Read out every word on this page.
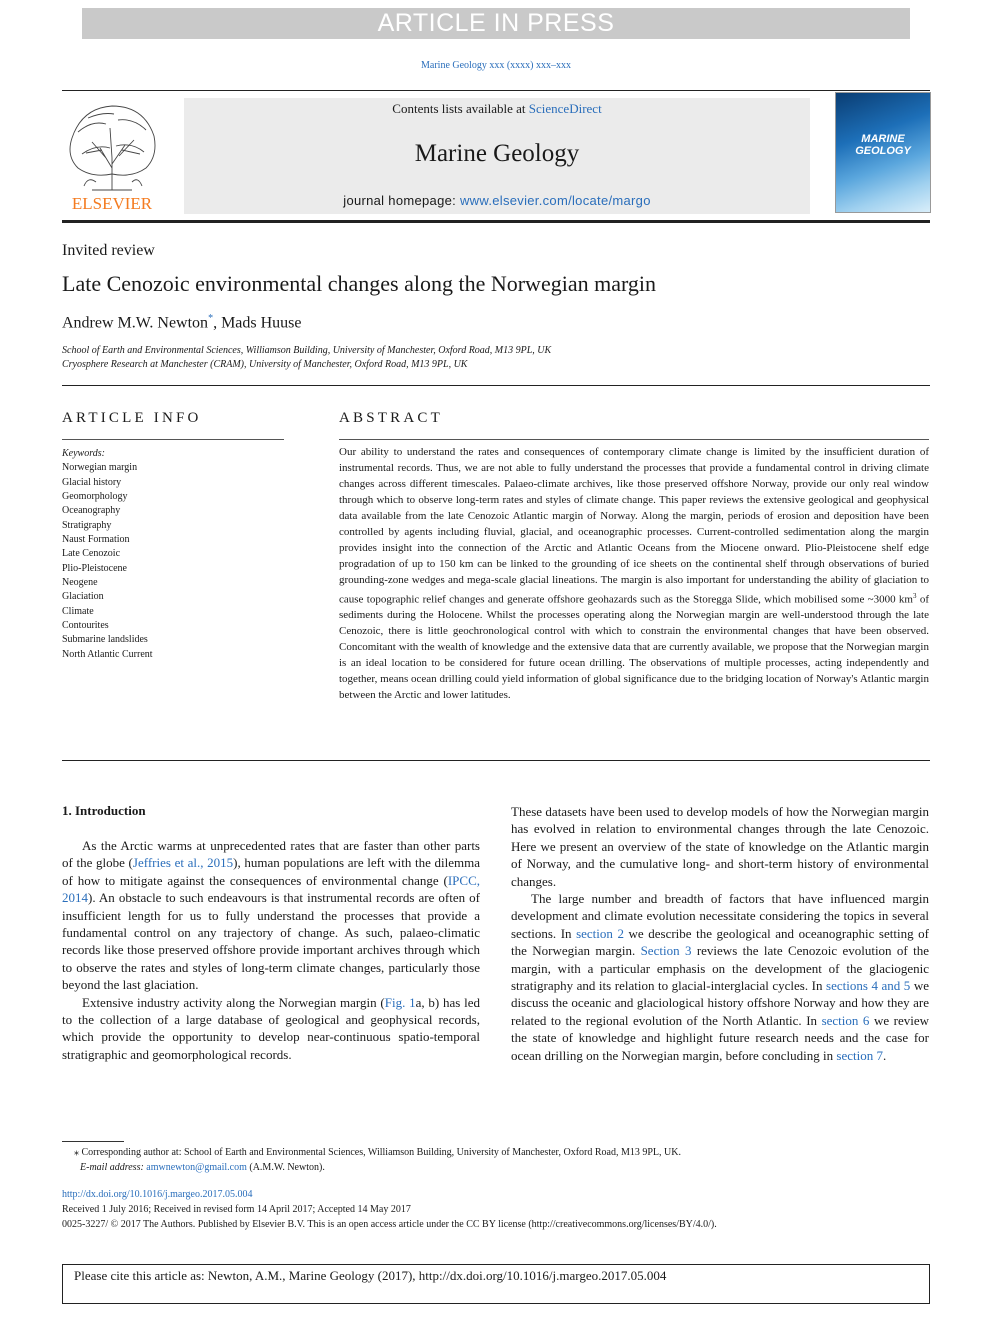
ARTICLE IN PRESS
Marine Geology xxx (xxxx) xxx–xxx
ELSEVIER
Contents lists available at ScienceDirect
Marine Geology
journal homepage: www.elsevier.com/locate/margo
MARINE GEOLOGY
Invited review
Late Cenozoic environmental changes along the Norwegian margin
Andrew M.W. Newton*, Mads Huuse
School of Earth and Environmental Sciences, Williamson Building, University of Manchester, Oxford Road, M13 9PL, UK
Cryosphere Research at Manchester (CRAM), University of Manchester, Oxford Road, M13 9PL, UK
ARTICLE INFO
Keywords:
Norwegian margin
Glacial history
Geomorphology
Oceanography
Stratigraphy
Naust Formation
Late Cenozoic
Plio-Pleistocene
Neogene
Glaciation
Climate
Contourites
Submarine landslides
North Atlantic Current
ABSTRACT
Our ability to understand the rates and consequences of contemporary climate change is limited by the insufficient duration of instrumental records. Thus, we are not able to fully understand the processes that provide a fundamental control in driving climate changes across different timescales. Palaeo-climate archives, like those preserved offshore Norway, provide our only real window through which to observe long-term rates and styles of climate change. This paper reviews the extensive geological and geophysical data available from the late Cenozoic Atlantic margin of Norway. Along the margin, periods of erosion and deposition have been controlled by agents including fluvial, glacial, and oceanographic processes. Current-controlled sedimentation along the margin provides insight into the connection of the Arctic and Atlantic Oceans from the Miocene onward. Plio-Pleistocene shelf edge progradation of up to 150 km can be linked to the grounding of ice sheets on the continental shelf through observations of buried grounding-zone wedges and mega-scale glacial lineations. The margin is also important for understanding the ability of glaciation to cause topographic relief changes and generate offshore geohazards such as the Storegga Slide, which mobilised some ~3000 $km^3$ of sediments during the Holocene. Whilst the processes operating along the Norwegian margin are well-understood through the late Cenozoic, there is little geochronological control with which to constrain the environmental changes that have been observed. Concomitant with the wealth of knowledge and the extensive data that are currently available, we propose that the Norwegian margin is an ideal location to be considered for future ocean drilling. The observations of multiple processes, acting independently and together, means ocean drilling could yield information of global significance due to the bridging location of Norway's Atlantic margin between the Arctic and lower latitudes.
1. Introduction

As the Arctic warms at unprecedented rates that are faster than other parts of the globe (Jeffries et al., 2015), human populations are left with the dilemma of how to mitigate against the consequences of environmental change (IPCC, 2014). An obstacle to such endeavours is that instrumental records are often of insufficient length for us to fully understand the processes that provide a fundamental control on any trajectory of change. As such, palaeo-climatic records like those preserved offshore provide important archives through which to observe the rates and styles of long-term climate changes, particularly those beyond the last glaciation.

Extensive industry activity along the Norwegian margin (Fig. 1a, b) has led to the collection of a large database of geological and geophysical records, which provide the opportunity to develop near-continuous spatio-temporal stratigraphic and geomorphological records.

These datasets have been used to develop models of how the Norwegian margin has evolved in relation to environmental changes through the late Cenozoic. Here we present an overview of the state of knowledge on the Atlantic margin of Norway, and the cumulative long- and short-term history of environmental changes.

The large number and breadth of factors that have influenced margin development and climate evolution necessitate considering the topics in several sections. In section 2 we describe the geological and oceanographic setting of the Norwegian margin. Section 3 reviews the late Cenozoic evolution of the margin, with a particular emphasis on the development of the glaciogenic stratigraphy and its relation to glacial-interglacial cycles. In sections 4 and 5 we discuss the oceanic and glaciological history offshore Norway and how they are related to the regional evolution of the North Atlantic. In section 6 we review the state of knowledge and highlight future research needs and the case for ocean drilling on the Norwegian margin, before concluding in section 7.

⁎ Corresponding author at: School of Earth and Environmental Sciences, Williamson Building, University of Manchester, Oxford Road, M13 9PL, UK.
E-mail address: amwnewton@gmail.com (A.M.W. Newton).
http://dx.doi.org/10.1016/j.margeo.2017.05.004
Received 1 July 2016; Received in revised form 14 April 2017; Accepted 14 May 2017
0025-3227/ © 2017 The Authors. Published by Elsevier B.V. This is an open access article under the CC BY license (http://creativecommons.org/licenses/BY/4.0/).
Please cite this article as: Newton, A.M., Marine Geology (2017), http://dx.doi.org/10.1016/j.margeo.2017.05.004
